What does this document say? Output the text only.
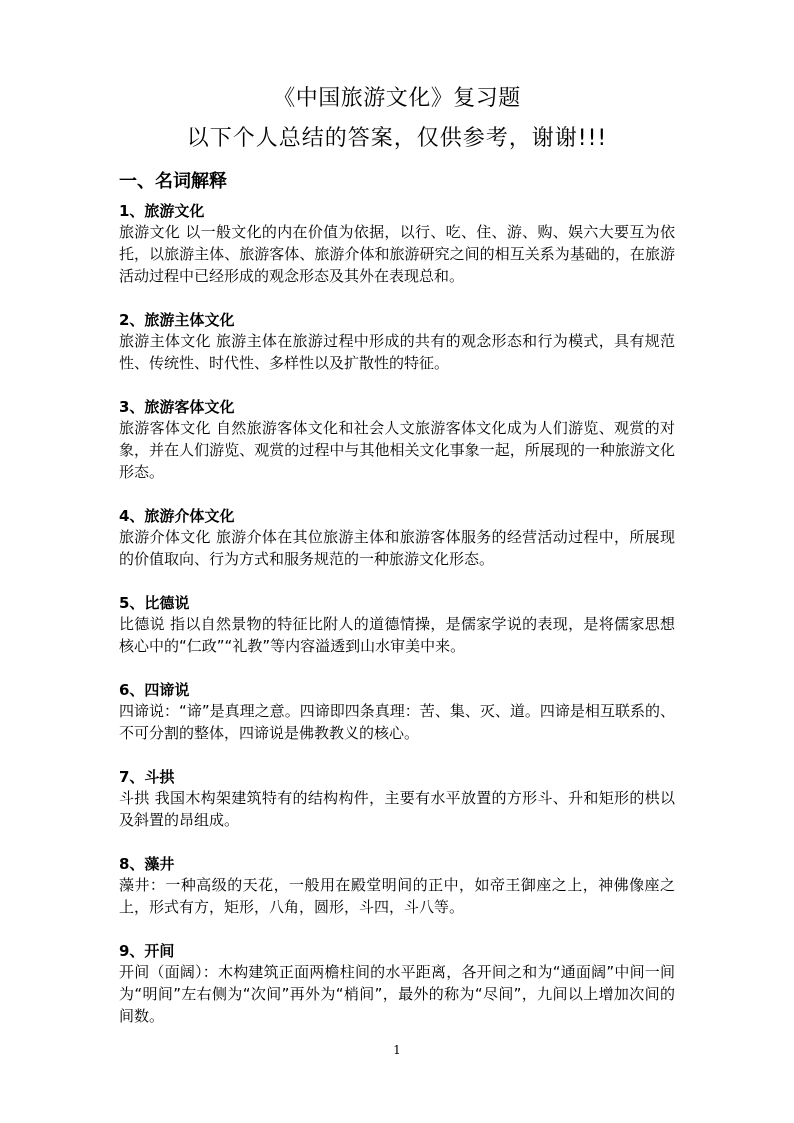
《中国旅游文化》复习题
以下个人总结的答案，仅供参考，谢谢!!!
一、名词解释

1、旅游文化

旅游文化 以一般文化的内在价值为依据，以行、吃、住、游、购、娱六大要互为依托，以旅游主体、旅游客体、旅游介体和旅游研究之间的相互关系为基础的，在旅游活动过程中已经形成的观念形态及其外在表现总和。

2、旅游主体文化

旅游主体文化 旅游主体在旅游过程中形成的共有的观念形态和行为模式，具有规范性、传统性、时代性、多样性以及扩散性的特征。

3、旅游客体文化

旅游客体文化 自然旅游客体文化和社会人文旅游客体文化成为人们游览、观赏的对象，并在人们游览、观赏的过程中与其他相关文化事象一起，所展现的一种旅游文化形态。

4、旅游介体文化

旅游介体文化 旅游介体在其位旅游主体和旅游客体服务的经营活动过程中，所展现的价值取向、行为方式和服务规范的一种旅游文化形态。

5、比德说

比德说 指以自然景物的特征比附人的道德情操，是儒家学说的表现，是将儒家思想核心中的“仁政”“礼教”等内容溢透到山水审美中来。

6、四谛说

四谛说：“谛”是真理之意。四谛即四条真理：苦、集、灭、道。四谛是相互联系的、不可分割的整体，四谛说是佛教教义的核心。

7、斗拱

斗拱 我国木构架建筑特有的结构构件，主要有水平放置的方形斗、升和矩形的栱以及斜置的昂组成。

8、藻井

藻井：一种高级的天花，一般用在殿堂明间的正中，如帝王御座之上，神佛像座之上，形式有方，矩形，八角，圆形，斗四，斗八等。

9、开间

开间（面阔）：木构建筑正面两檐柱间的水平距离，各开间之和为“通面阔”中间一间为“明间”左右侧为“次间”再外为“梢间”，最外的称为“尽间”，九间以上增加次间的间数。

1
